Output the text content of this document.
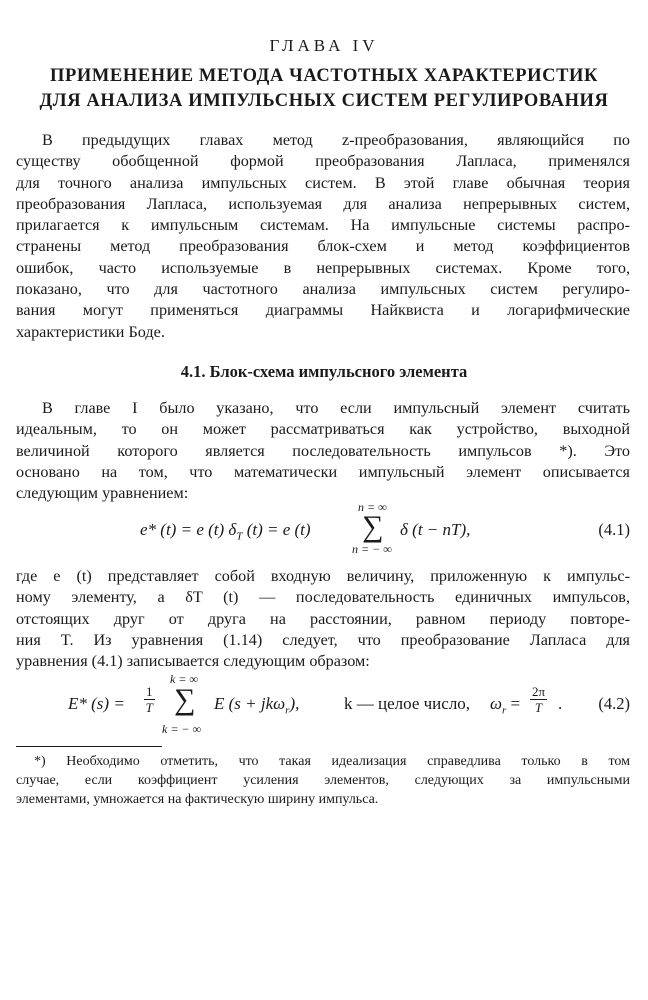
ГЛАВА IV
ПРИМЕНЕНИЕ МЕТОДА ЧАСТОТНЫХ ХАРАКТЕРИСТИК
ДЛЯ АНАЛИЗА ИМПУЛЬСНЫХ СИСТЕМ РЕГУЛИРОВАНИЯ
В предыдущих главах метод z-преобразования, являющийся по
существу обобщенной формой преобразования Лапласа, применялся
для точного анализа импульсных систем. В этой главе обычная теория
преобразования Лапласа, используемая для анализа непрерывных систем,
прилагается к импульсным системам. На импульсные системы распро-
странены метод преобразования блок-схем и метод коэффициентов
ошибок, часто используемые в непрерывных системах. Кроме того,
показано, что для частотного анализа импульсных систем регулиро-
вания могут применяться диаграммы Найквиста и логарифмические
характеристики Боде.
4.1. Блок-схема импульсного элемента
В главе I было указано, что если импульсный элемент считать
идеальным, то он может рассматриваться как устройство, выходной
величиной которого является последовательность импульсов *). Это
основано на том, что математически импульсный элемент описывается
следующим уравнением:
e* (t) = e (t) $\delta_T$ (t) = e (t)
n = ∞
∑
n = − ∞
δ (t − nT),	(4.1)
где e (t) представляет собой входную величину, приложенную к импульс-
ному элементу, а δT (t) — последовательность единичных импульсов,
отстоящих друг от друга на расстоянии, равном периоду повторе-
ния T. Из уравнения (1.14) следует, что преобразование Лапласа для
уравнения (4.1) записывается следующим образом:
E* $(s) = \frac{1}{T}$
k = ∞
∑
k = − ∞
E (s + jkω$_r$),	k — целое число, $\omega_r = \frac{2\pi}{T}$ . (4.2)
*) Необходимо отметить, что такая идеализация справедлива только в том
случае, если коэффициент усиления элементов, следующих за импульсными
элементами, умножается на фактическую ширину импульса.
